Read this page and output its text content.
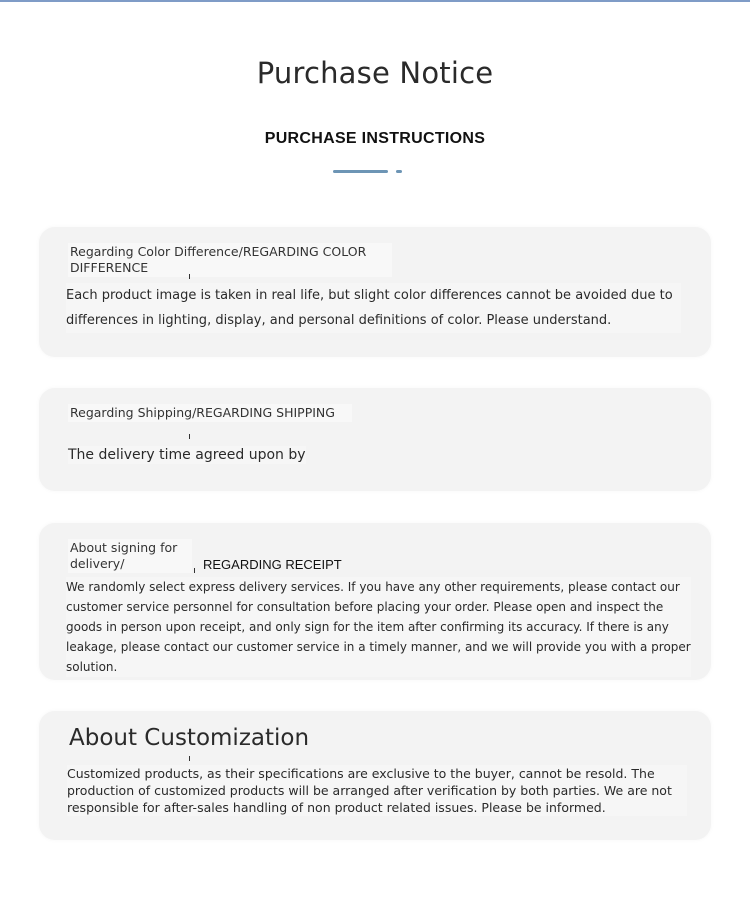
Purchase Notice
PURCHASE INSTRUCTIONS
Regarding Color Difference/REGARDING COLOR DIFFERENCE
Each product image is taken in real life, but slight color differences cannot be avoided due to differences in lighting, display, and personal definitions of color. Please understand.
Regarding Shipping/REGARDING SHIPPING
The delivery time agreed upon by
About signing for delivery/	REGARDING RECEIPT
We randomly select express delivery services. If you have any other requirements, please contact our customer service personnel for consultation before placing your order. Please open and inspect the goods in person upon receipt, and only sign for the item after confirming its accuracy. If there is any leakage, please contact our customer service in a timely manner, and we will provide you with a proper solution.
About Customization
Customized products, as their specifications are exclusive to the buyer, cannot be resold. The production of customized products will be arranged after verification by both parties. We are not responsible for after-sales handling of non product related issues. Please be informed.
